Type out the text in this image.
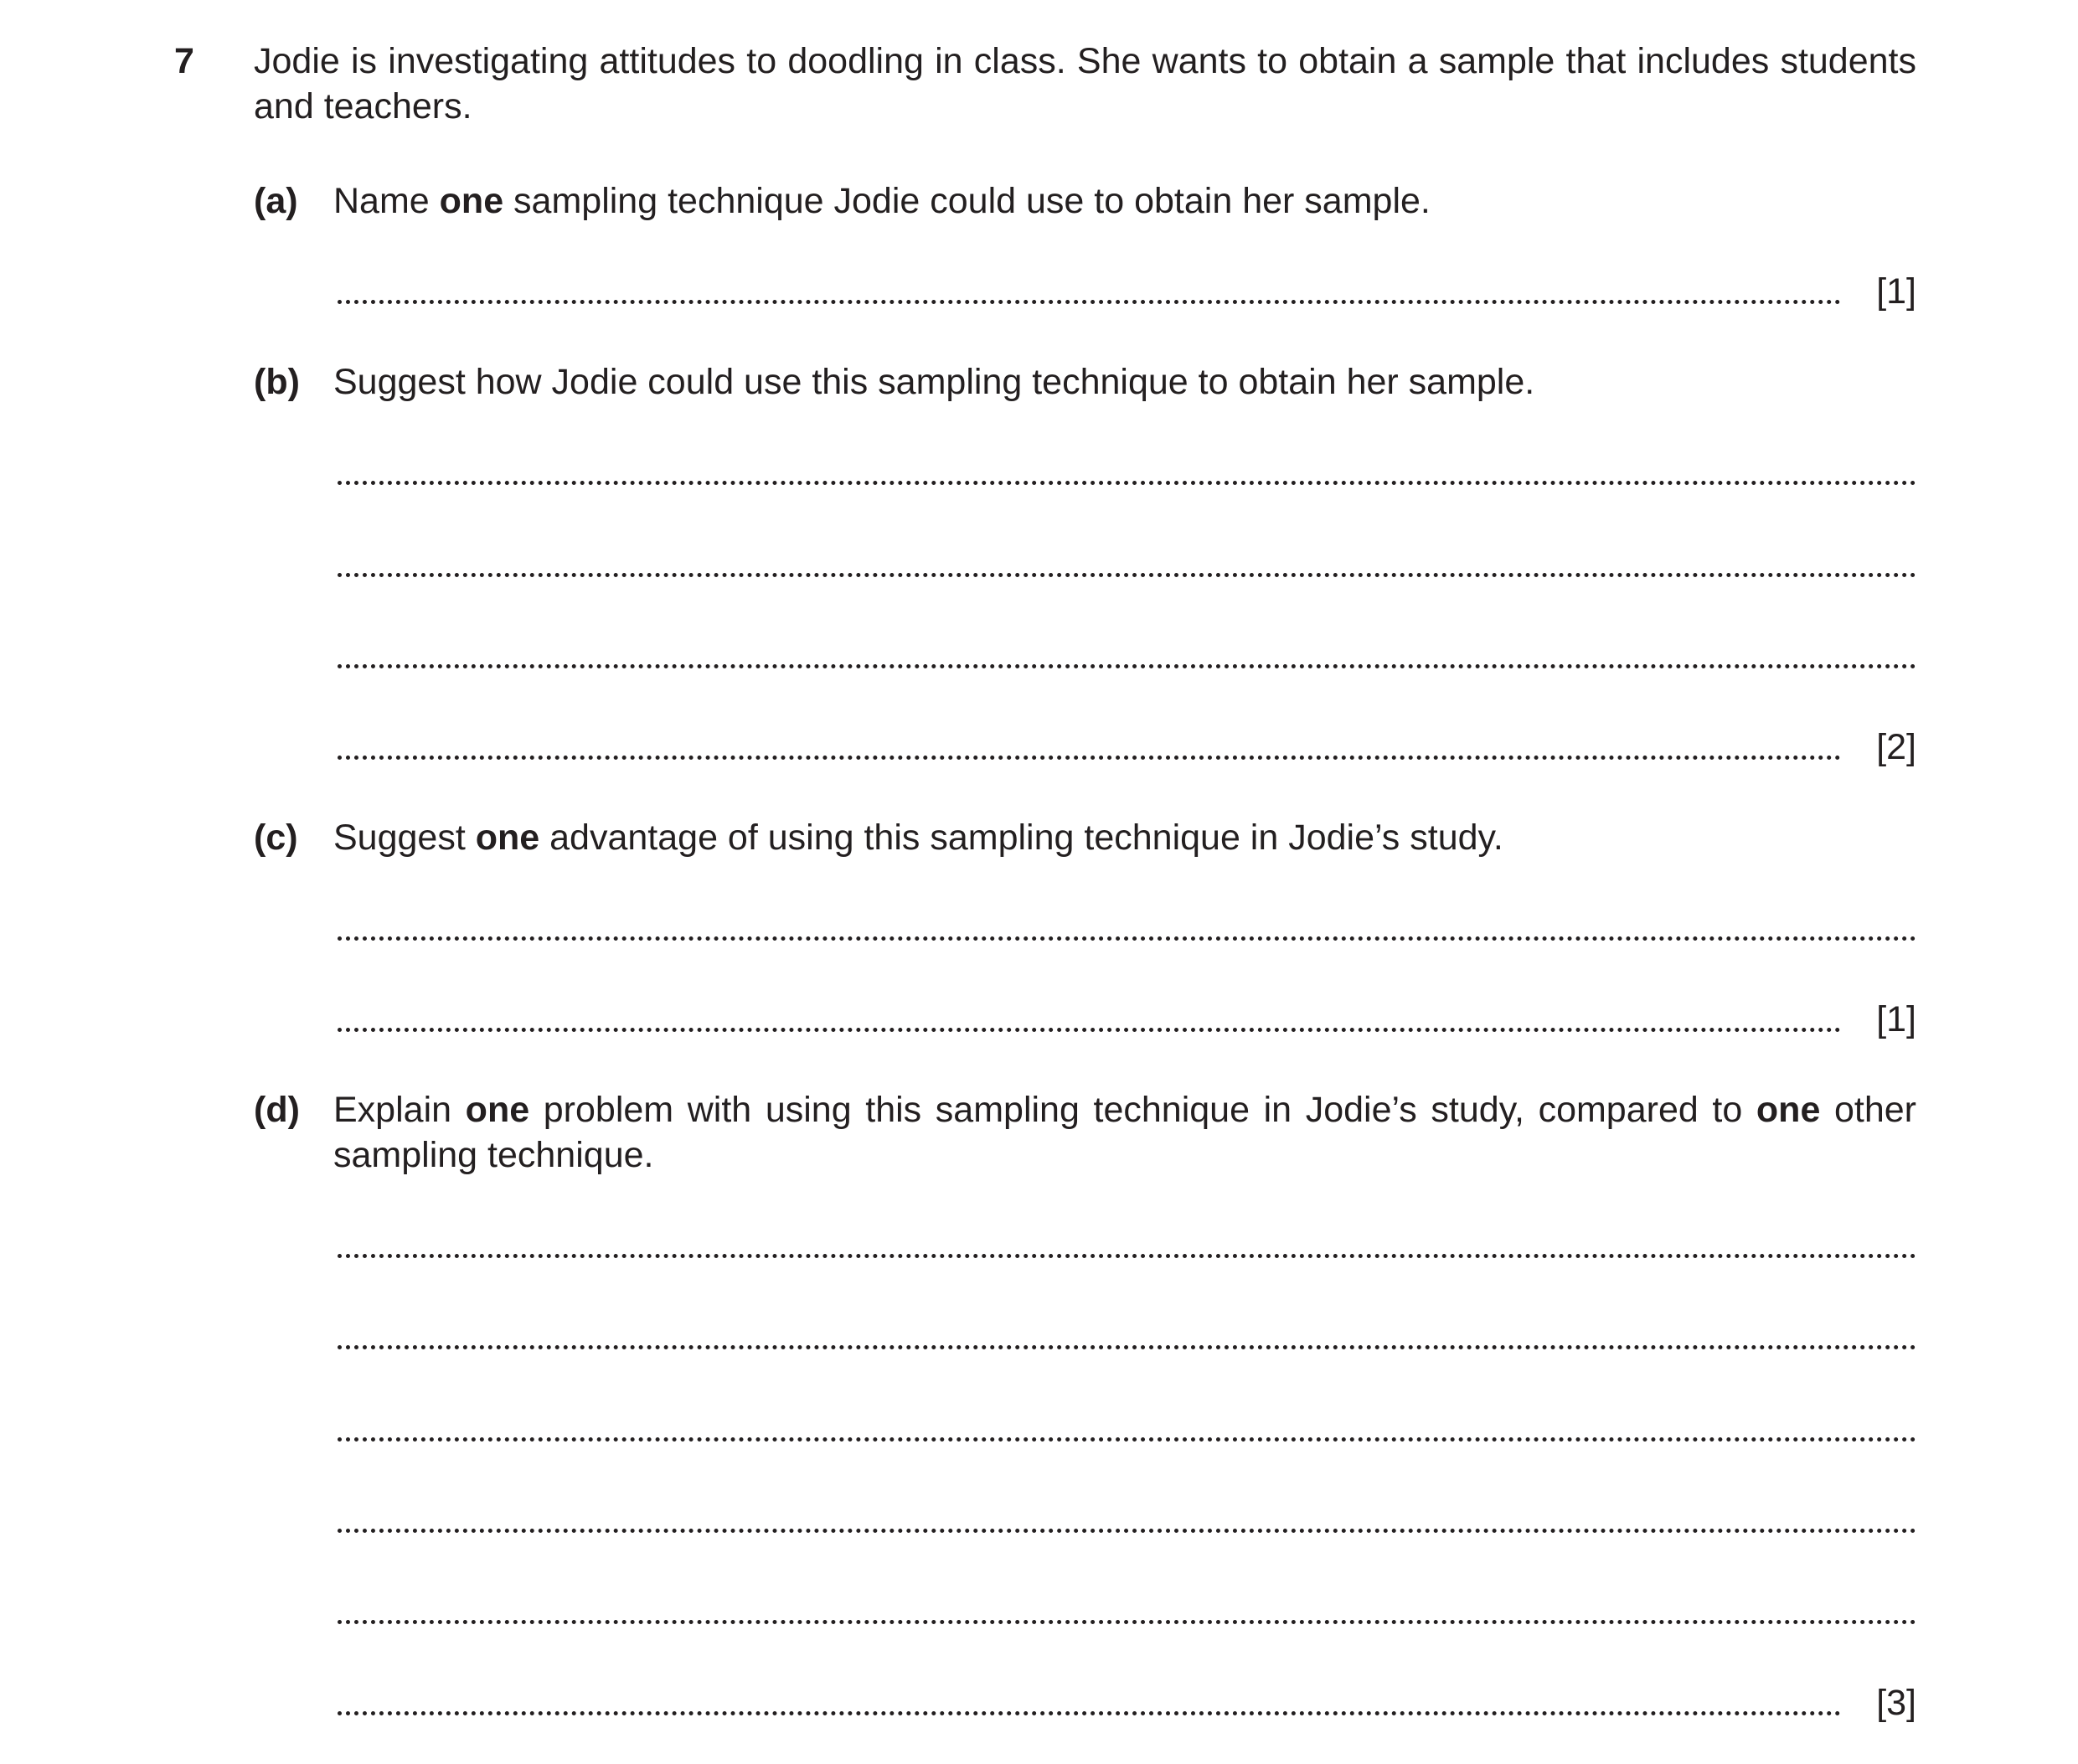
7 Jodie is investigating attitudes to doodling in class. She wants to obtain a sample that includes students and teachers.
(a) Name one sampling technique Jodie could use to obtain her sample.
[1]
(b) Suggest how Jodie could use this sampling technique to obtain her sample.
[2]
(c) Suggest one advantage of using this sampling technique in Jodie’s study.
[1]
(d) Explain one problem with using this sampling technique in Jodie’s study, compared to one other sampling technique.
[3]
